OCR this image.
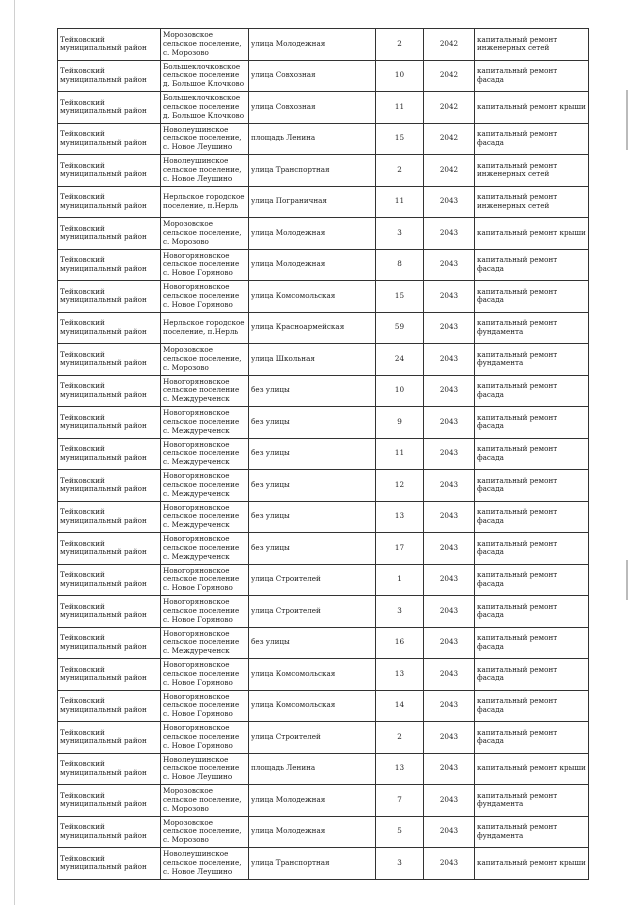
Тейковский муниципальный район	Морозовское сельское поселение, с. Морозово	улица Молодежная	2	2042	капитальный ремонт инженерных сетей
Тейковский муниципальный район	Большеклочковское сельское поселение д. Большое Клочково	улица Совхозная	10	2042	капитальный ремонт фасада
Тейковский муниципальный район	Большеклочковское сельское поселение д. Большое Клочково	улица Совхозная	11	2042	капитальный ремонт крыши
Тейковский муниципальный район	Новолеушинское сельское поселение, с. Новое Леушино	площадь Ленина	15	2042	капитальный ремонт фасада
Тейковский муниципальный район	Новолеушинское сельское поселение, с. Новое Леушино	улица Транспортная	2	2042	капитальный ремонт инженерных сетей
Тейковский муниципальный район	Нерльское городское поселение, п.Нерль	улица Пограничная	11	2043	капитальный ремонт инженерных сетей
Тейковский муниципальный район	Морозовское сельское поселение, с. Морозово	улица Молодежная	3	2043	капитальный ремонт крыши
Тейковский муниципальный район	Новогоряновское сельское поселение с. Новое Горяново	улица Молодежная	8	2043	капитальный ремонт фасада
Тейковский муниципальный район	Новогоряновское сельское поселение с. Новое Горяново	улица Комсомольская	15	2043	капитальный ремонт фасада
Тейковский муниципальный район	Нерльское городское поселение, п.Нерль	улица Красноармейская	59	2043	капитальный ремонт фундамента
Тейковский муниципальный район	Морозовское сельское поселение, с. Морозово	улица Школьная	24	2043	капитальный ремонт фундамента
Тейковский муниципальный район	Новогоряновское сельское поселение с. Междуреченск	без улицы	10	2043	капитальный ремонт фасада
Тейковский муниципальный район	Новогоряновское сельское поселение с. Междуреченск	без улицы	9	2043	капитальный ремонт фасада
Тейковский муниципальный район	Новогоряновское сельское поселение с. Междуреченск	без улицы	11	2043	капитальный ремонт фасада
Тейковский муниципальный район	Новогоряновское сельское поселение с. Междуреченск	без улицы	12	2043	капитальный ремонт фасада
Тейковский муниципальный район	Новогоряновское сельское поселение с. Междуреченск	без улицы	13	2043	капитальный ремонт фасада
Тейковский муниципальный район	Новогоряновское сельское поселение с. Междуреченск	без улицы	17	2043	капитальный ремонт фасада
Тейковский муниципальный район	Новогоряновское сельское поселение с. Новое Горяново	улица Строителей	1	2043	капитальный ремонт фасада
Тейковский муниципальный район	Новогоряновское сельское поселение с. Новое Горяново	улица Строителей	3	2043	капитальный ремонт фасада
Тейковский муниципальный район	Новогоряновское сельское поселение с. Междуреченск	без улицы	16	2043	капитальный ремонт фасада
Тейковский муниципальный район	Новогоряновское сельское поселение с. Новое Горяново	улица Комсомольская	13	2043	капитальный ремонт фасада
Тейковский муниципальный район	Новогоряновское сельское поселение с. Новое Горяново	улица Комсомольская	14	2043	капитальный ремонт фасада
Тейковский муниципальный район	Новогоряновское сельское поселение с. Новое Горяново	улица Строителей	2	2043	капитальный ремонт фасада
Тейковский муниципальный район	Новолеушинское сельское поселение с. Новое Леушино	площадь Ленина	13	2043	капитальный ремонт крыши
Тейковский муниципальный район	Морозовское сельское поселение, с. Морозово	улица Молодежная	7	2043	капитальный ремонт фундамента
Тейковский муниципальный район	Морозовское сельское поселение, с. Морозово	улица Молодежная	5	2043	капитальный ремонт фундамента
Тейковский муниципальный район	Новолеушинское сельское поселение, с. Новое Леушино	улица Транспортная	3	2043	капитальный ремонт крыши
